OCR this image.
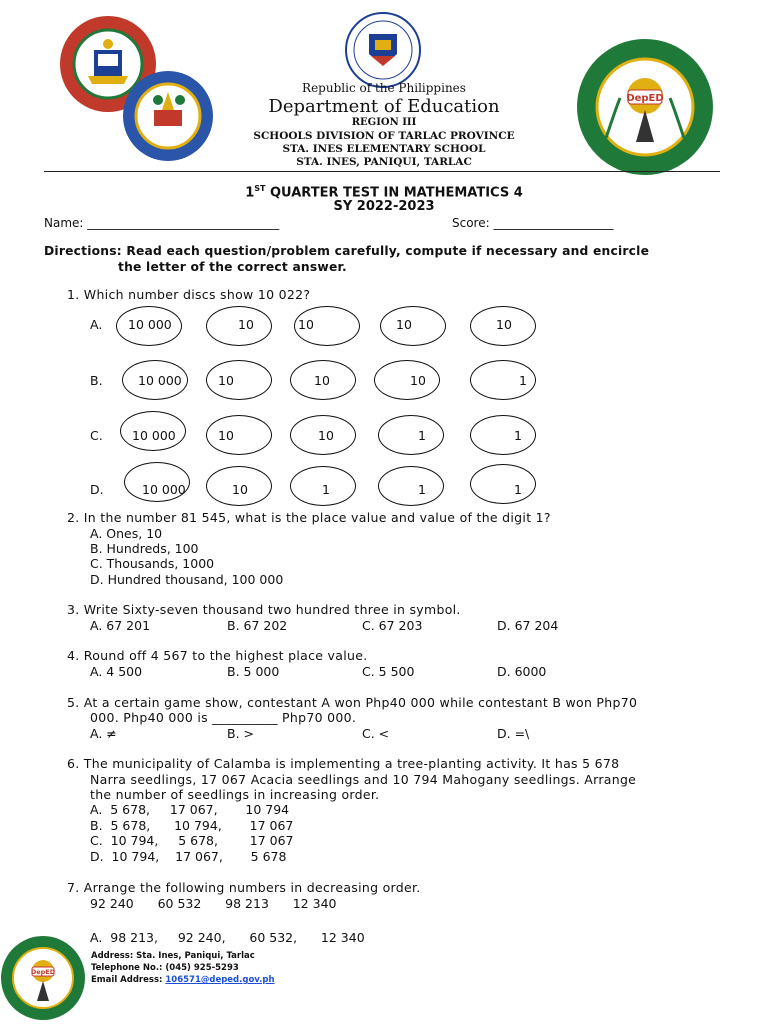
DepED
Republic of the Philippines
Department of Education
REGION III
SCHOOLS DIVISION OF TARLAC PROVINCE
STA. INES ELEMENTARY SCHOOL
STA. INES, PANIQUI, TARLAC
1ST QUARTER TEST IN MATHEMATICS 4
SY 2022-2023
Name: ________________________________	Score: ____________________
Directions: Read each question/problem carefully, compute if necessary and encircle
the letter of the correct answer.
1. Which number discs show 10 022?
A. 10 000	10	10	10	10
B.	10 000	10	10	10	1
C. 10 000	10	10	1	1
D.	10 000	10	1	1	1
2. In the number 81 545, what is the place value and value of the digit 1?
A. Ones, 10
B. Hundreds, 100
C. Thousands, 1000
D. Hundred thousand, 100 000
3. Write Sixty-seven thousand two hundred three in symbol.
A. 67 201	B. 67 202	C. 67 203	D. 67 204
4. Round off 4 567 to the highest place value.
A. 4 500	B. 5 000	C. 5 500	D. 6000
5. At a certain game show, contestant A won Php40 000 while contestant B won Php70
000. Php40 000 is __________ Php70 000.
A. ≠	B. >	C. <	D. =\
6. The municipality of Calamba is implementing a tree-planting activity. It has 5 678
Narra seedlings, 17 067 Acacia seedlings and 10 794 Mahogany seedlings. Arrange
the number of seedlings in increasing order.
A.  5 678,     17 067,       10 794
B.  5 678,      10 794,       17 067
C.  10 794,     5 678,        17 067
D.  10 794,    17 067,       5 678
7. Arrange the following numbers in decreasing order.
92 240      60 532      98 213      12 340
A.  98 213,     92 240,      60 532,      12 340
DepED
Address: Sta. Ines, Paniqui, Tarlac
Telephone No.: (045) 925-5293
Email Address: 106571@deped.gov.ph
